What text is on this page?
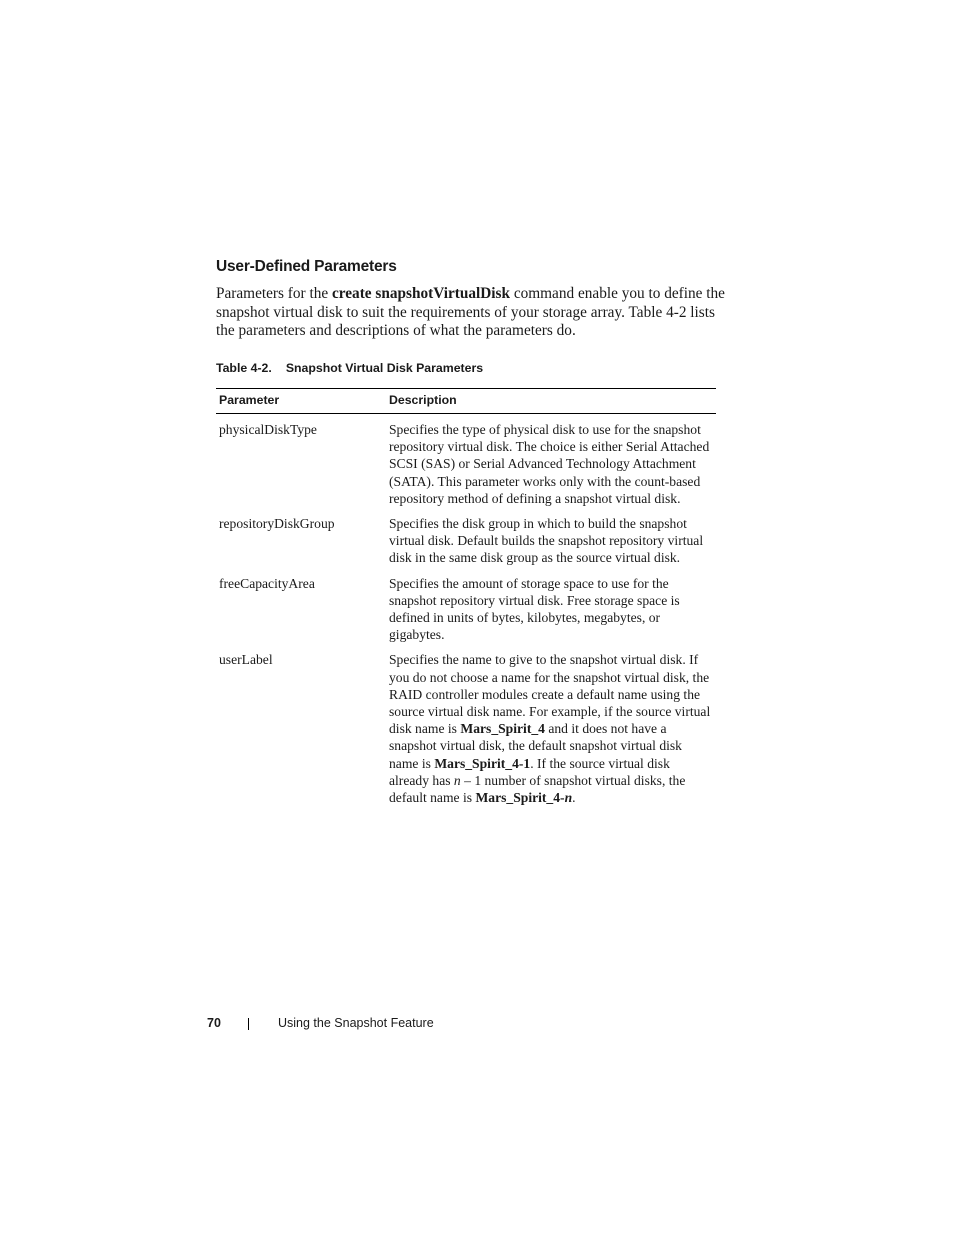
User-Defined Parameters

Parameters for the create snapshotVirtualDisk command enable you to define the snapshot virtual disk to suit the requirements of your storage array. Table 4-2 lists the parameters and descriptions of what the parameters do.

Table 4-2. Snapshot Virtual Disk Parameters
Parameter	Description
physicalDiskType	Specifies the type of physical disk to use for the snapshot repository virtual disk. The choice is either Serial Attached SCSI (SAS) or Serial Advanced Technology Attachment (SATA). This parameter works only with the count-based repository method of defining a snapshot virtual disk.
repositoryDiskGroup	Specifies the disk group in which to build the snapshot virtual disk. Default builds the snapshot repository virtual disk in the same disk group as the source virtual disk.
freeCapacityArea	Specifies the amount of storage space to use for the snapshot repository virtual disk. Free storage space is defined in units of bytes, kilobytes, megabytes, or gigabytes.
userLabel	Specifies the name to give to the snapshot virtual disk. If you do not choose a name for the snapshot virtual disk, the RAID controller modules create a default name using the source virtual disk name. For example, if the source virtual disk name is Mars_Spirit_4 and it does not have a snapshot virtual disk, the default snapshot virtual disk name is Mars_Spirit_4-1. If the source virtual disk already has n – 1 number of snapshot virtual disks, the default name is Mars_Spirit_4-n.
70	Using the Snapshot Feature
